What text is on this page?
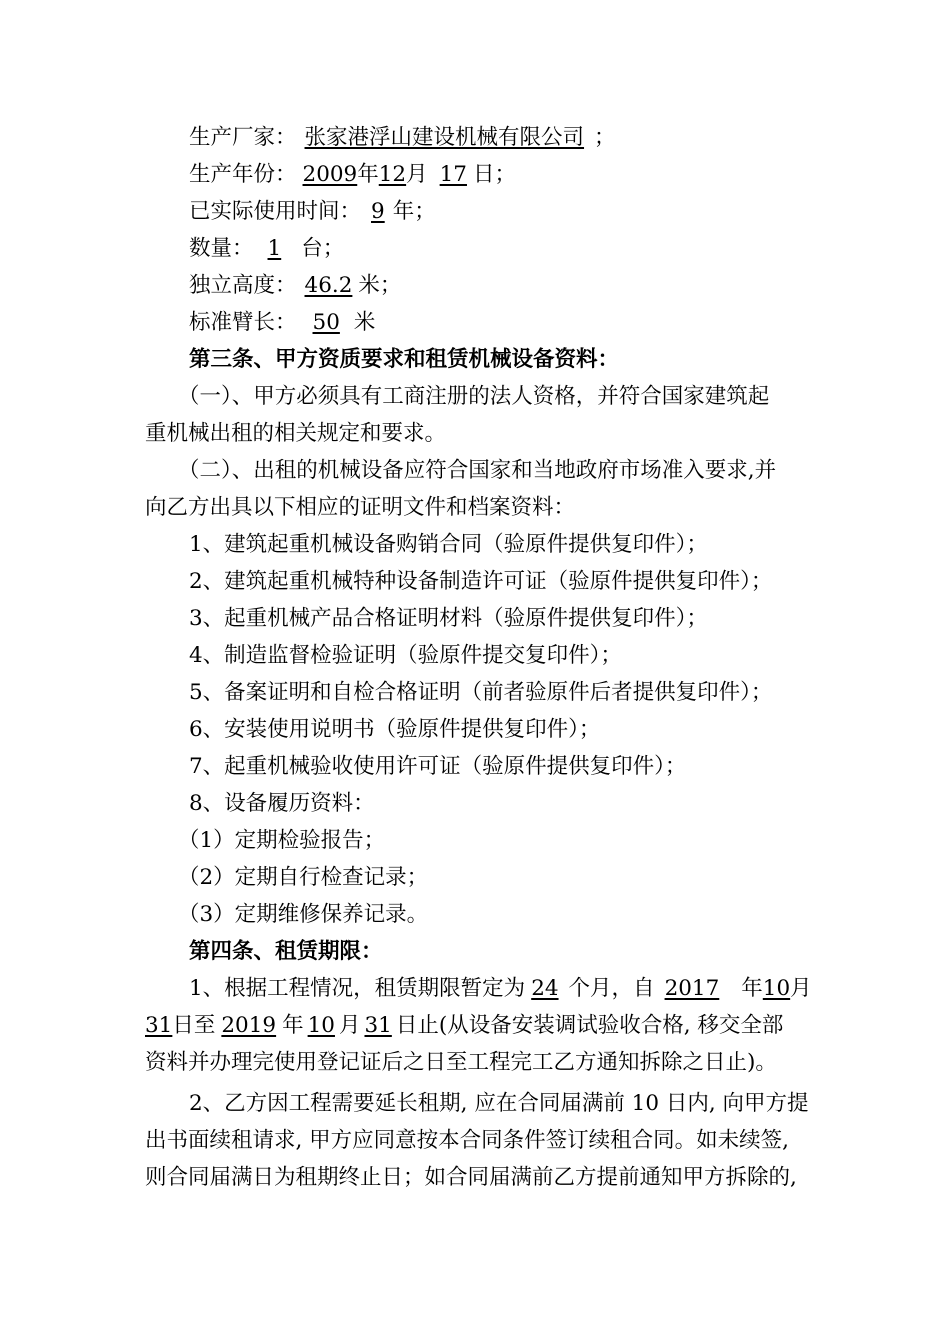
生产厂家： 张家港浮山建设机械有限公司 ；
生产年份： 2009年12月 17 日；
已实际使用时间： 9 年；
数量： 1 台；
独立高度： 46.2 米；
标准臂长： 50 米
第三条、甲方资质要求和租赁机械设备资料：
（一）、甲方必须具有工商注册的法人资格，并符合国家建筑起
重机械出租的相关规定和要求。
（二）、出租的机械设备应符合国家和当地政府市场准入要求,并
向乙方出具以下相应的证明文件和档案资料：
1、建筑起重机械设备购销合同（验原件提供复印件）；
2、建筑起重机械特种设备制造许可证（验原件提供复印件）；
3、起重机械产品合格证明材料（验原件提供复印件）；
4、制造监督检验证明（验原件提交复印件）；
5、备案证明和自检合格证明（前者验原件后者提供复印件）；
6、安装使用说明书（验原件提供复印件）；
7、起重机械验收使用许可证（验原件提供复印件）；
8、设备履历资料：
（1）定期检验报告；
（2）定期自行检查记录；
（3）定期维修保养记录。
第四条、租赁期限：
1、根据工程情况，租赁期限暂定为 24 个月，自 2017 年10月
31日至 2019 年 10 月 31 日止(从设备安装调试验收合格, 移交全部
资料并办理完使用登记证后之日至工程完工乙方通知拆除之日止)。
2、乙方因工程需要延长租期, 应在合同届满前 10 日内, 向甲方提
出书面续租请求, 甲方应同意按本合同条件签订续租合同。如未续签,
则合同届满日为租期终止日；如合同届满前乙方提前通知甲方拆除的,
